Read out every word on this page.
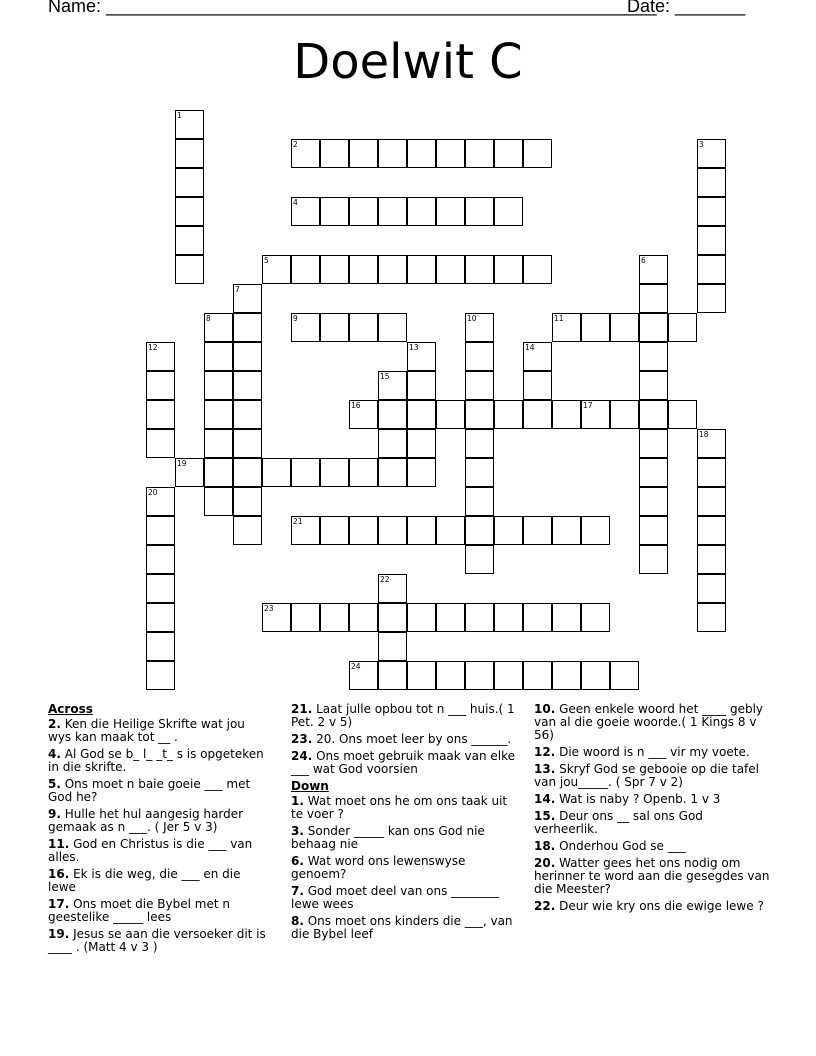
Name: _______________________________________________________
Date: _______
Doelwit C
1
2	3
4
5	6
7
8	9	10	11
12	13	14
15
16	17
18
19
20
21
22
23
24
Across
2. Ken die Heilige Skrifte wat jou wys kan maak tot __ .
4. Al God se b_ l_ _t_ s is opgeteken in die skrifte.
5. Ons moet n baie goeie ___ met God he?
9. Hulle het hul aangesig harder gemaak as n ___. ( Jer 5 v 3)
11. God en Christus is die ___ van alles.
16. Ek is die weg, die ___ en die lewe
17. Ons moet die Bybel met n geestelike _____ lees
19. Jesus se aan die versoeker dit is ____ . (Matt 4 v 3 )
21. Laat julle opbou tot n ___ huis.( 1 Pet. 2 v 5)
23. 20. Ons moet leer by ons ______.
24. Ons moet gebruik maak van elke ___ wat God voorsien
Down
1. Wat moet ons he om ons taak uit te voer ?
3. Sonder _____ kan ons God nie behaag nie
6. Wat word ons lewenswyse genoem?
7. God moet deel van ons ________ lewe wees
8. Ons moet ons kinders die ___, van die Bybel leef
10. Geen enkele woord het ____ gebly van al die goeie woorde.( 1 Kings 8 v 56)
12. Die woord is n ___ vir my voete.
13. Skryf God se gebooie op die tafel van jou_____. ( Spr 7 v 2)
14. Wat is naby ? Openb. 1 v 3
15. Deur ons __ sal ons God verheerlik.
18. Onderhou God se ___
20. Watter gees het ons nodig om herinner te word aan die gesegdes van die Meester?
22. Deur wie kry ons die ewige lewe ?
